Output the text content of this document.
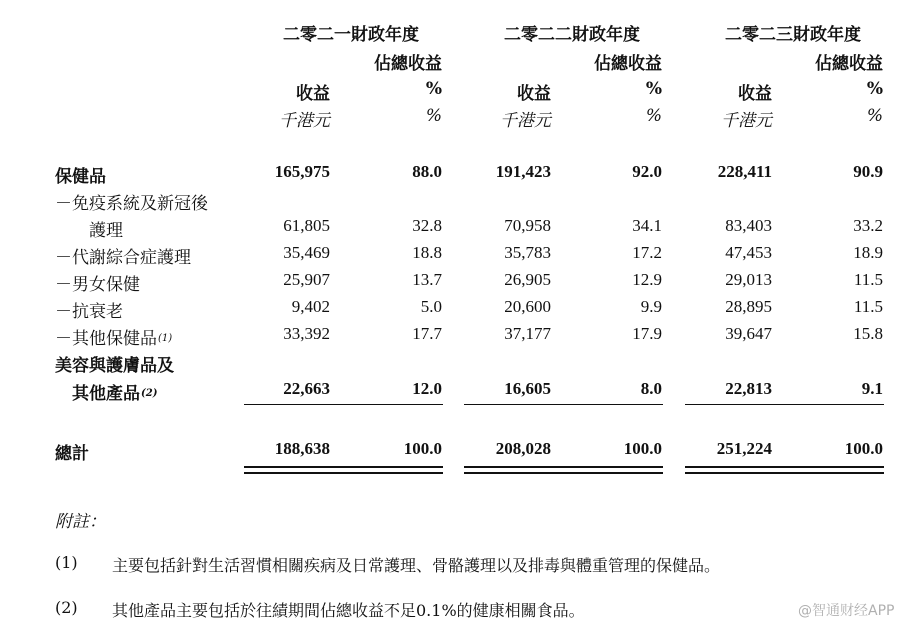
二零二一財政年度	二零二二財政年度	二零二三財政年度
佔總收益	佔總收益	佔總收益
收益	%	收益	%	收益	%
千港元	%	千港元	%	千港元	%
保健品	165,975	88.0	191,423	92.0	228,411	90.9
－免疫系統及新冠後
護理	61,805	32.8	70,958	34.1	83,403	33.2
－代謝綜合症護理	35,469	18.8	35,783	17.2	47,453	18.9
－男女保健	25,907	13.7	26,905	12.9	29,013	11.5
－抗衰老	9,402	5.0	20,600	9.9	28,895	11.5
－其他保健品$^{(1)}$	33,392	17.7	37,177	17.9	39,647	15.8
美容與護膚品及
其他產品$^{(2)}$	22,663	12.0	16,605	8.0	22,813	9.1
總計	188,638	100.0	208,028	100.0	251,224	100.0
附註：
(1) 主要包括針對生活習慣相關疾病及日常護理、骨骼護理以及排毒與體重管理的保健品。
(2) 其他產品主要包括於往績期間佔總收益不足0.1%的健康相關食品。	@智通财经APP
